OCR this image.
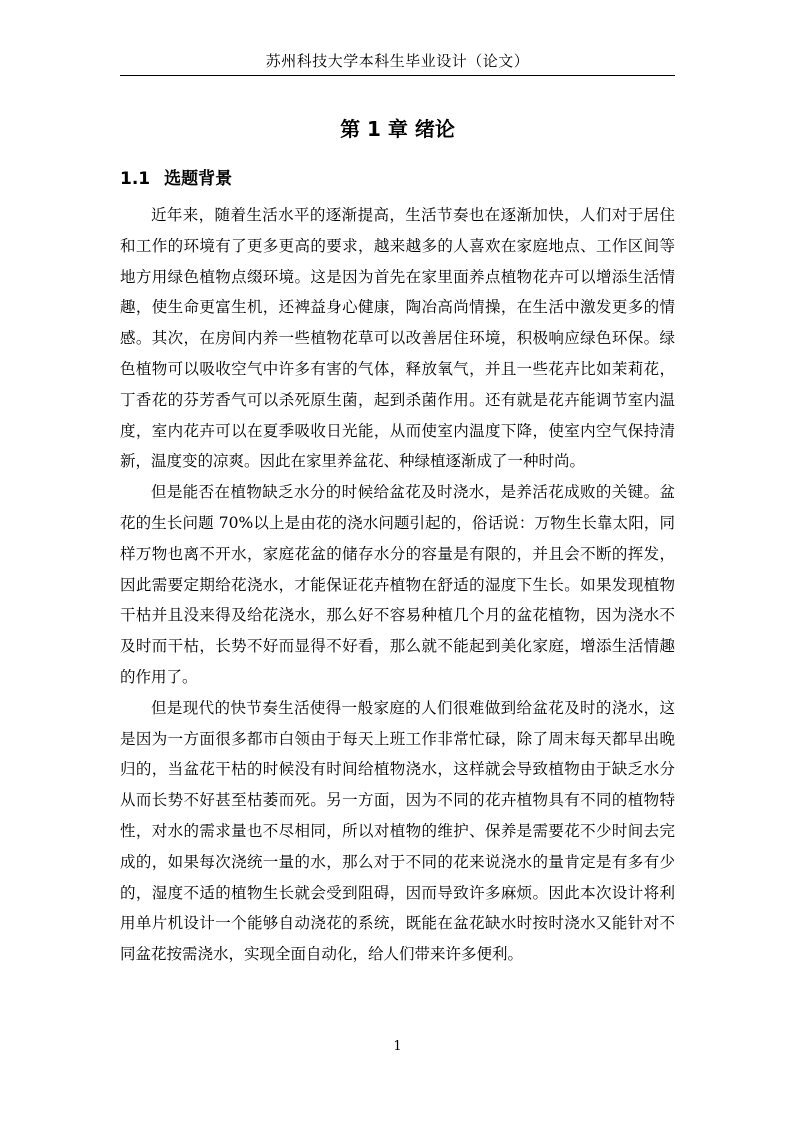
苏州科技大学本科生毕业设计（论文）
第 1 章 绪论
1.1 选题背景

近年来，随着生活水平的逐渐提高，生活节奏也在逐渐加快，人们对于居住和工作的环境有了更多更高的要求，越来越多的人喜欢在家庭地点、工作区间等地方用绿色植物点缀环境。这是因为首先在家里面养点植物花卉可以增添生活情趣，使生命更富生机，还裨益身心健康，陶冶高尚情操，在生活中激发更多的情感。其次，在房间内养一些植物花草可以改善居住环境，积极响应绿色环保。绿色植物可以吸收空气中许多有害的气体，释放氧气，并且一些花卉比如茉莉花，丁香花的芬芳香气可以杀死原生菌，起到杀菌作用。还有就是花卉能调节室内温度，室内花卉可以在夏季吸收日光能，从而使室内温度下降，使室内空气保持清新，温度变的凉爽。因此在家里养盆花、种绿植逐渐成了一种时尚。

但是能否在植物缺乏水分的时候给盆花及时浇水，是养活花成败的关键。盆花的生长问题 70%以上是由花的浇水问题引起的，俗话说：万物生长靠太阳，同样万物也离不开水，家庭花盆的储存水分的容量是有限的，并且会不断的挥发，因此需要定期给花浇水，才能保证花卉植物在舒适的湿度下生长。如果发现植物干枯并且没来得及给花浇水，那么好不容易种植几个月的盆花植物，因为浇水不及时而干枯，长势不好而显得不好看，那么就不能起到美化家庭，增添生活情趣的作用了。

但是现代的快节奏生活使得一般家庭的人们很难做到给盆花及时的浇水，这是因为一方面很多都市白领由于每天上班工作非常忙碌，除了周末每天都早出晚归的，当盆花干枯的时候没有时间给植物浇水，这样就会导致植物由于缺乏水分从而长势不好甚至枯萎而死。另一方面，因为不同的花卉植物具有不同的植物特性，对水的需求量也不尽相同，所以对植物的维护、保养是需要花不少时间去完成的，如果每次浇统一量的水，那么对于不同的花来说浇水的量肯定是有多有少的，湿度不适的植物生长就会受到阻碍，因而导致许多麻烦。因此本次设计将利用单片机设计一个能够自动浇花的系统，既能在盆花缺水时按时浇水又能针对不同盆花按需浇水，实现全面自动化，给人们带来许多便利。

1
